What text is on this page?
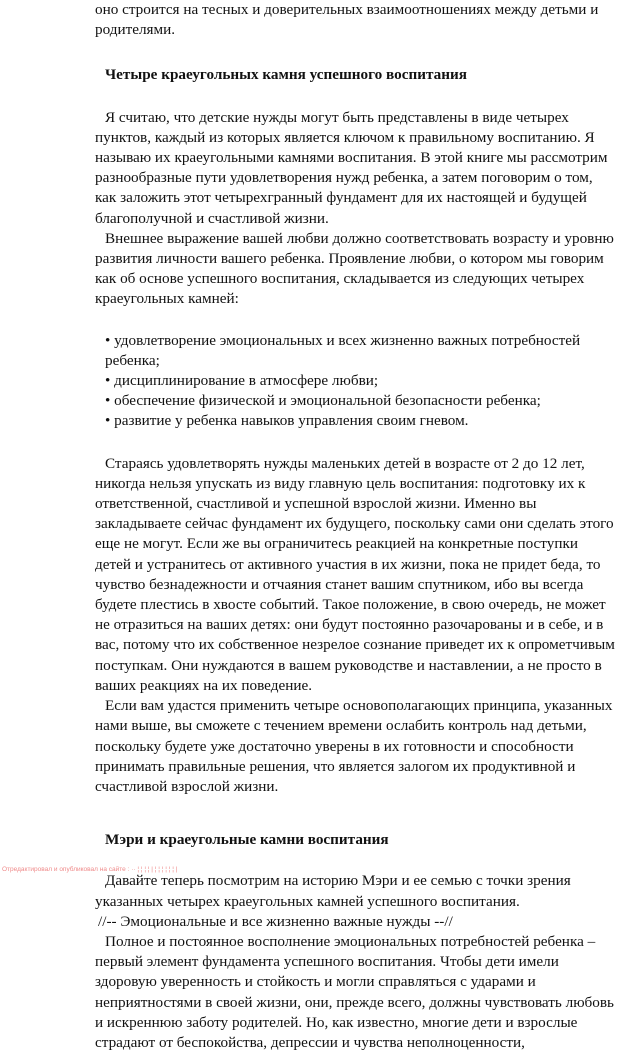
оно строится на тесных и доверительных взаимоотношениях между детьми и родителями.

Четыре краеугольных камня успешного воспитания

Я считаю, что детские нужды могут быть представлены в виде четырех пунктов, каждый из которых является ключом к правильному воспитанию. Я называю их краеугольными камнями воспитания. В этой книге мы рассмотрим разнообразные пути удовлетворения нужд ребенка, а затем поговорим о том, как заложить этот четырехгранный фундамент для их настоящей и будущей благополучной и счастливой жизни.

Внешнее выражение вашей любви должно соответствовать возрасту и уровню развития личности вашего ребенка. Проявление любви, о котором мы говорим как об основе успешного воспитания, складывается из следующих четырех краеугольных камней:

• удовлетворение эмоциональных и всех жизненно важных потребностей ребенка;
• дисциплинирование в атмосфере любви;
• обеспечение физической и эмоциональной безопасности ребенка;
• развитие у ребенка навыков управления своим гневом.

Стараясь удовлетворять нужды маленьких детей в возрасте от 2 до 12 лет, никогда нельзя упускать из виду главную цель воспитания: подготовку их к ответственной, счастливой и успешной взрослой жизни. Именно вы закладываете сейчас фундамент их будущего, поскольку сами они сделать этого еще не могут. Если же вы ограничитесь реакцией на конкретные поступки детей и устранитесь от активного участия в их жизни, пока не придет беда, то чувство безнадежности и отчаяния станет вашим спутником, ибо вы всегда будете плестись в хвосте событий. Такое положение, в свою очередь, не может не отразиться на ваших детях: они будут постоянно разочарованы и в себе, и в вас, потому что их собственное незрелое сознание приведет их к опрометчивым поступкам. Они нуждаются в вашем руководстве и наставлении, а не просто в ваших реакциях на их поведение.

Если вам удастся применить четыре основополагающих принципа, указанных нами выше, вы сможете с течением времени ослабить контроль над детьми, поскольку будете уже достаточно уверены в их готовности и способности принимать правильные решения, что является залогом их продуктивной и счастливой взрослой жизни.

Мэри и краеугольные камни воспитания

Давайте теперь посмотрим на историю Мэри и ее семью с точки зрения указанных четырех краеугольных камней успешного воспитания.

//-- Эмоциональные и все жизненно важные нужды --//

Полное и постоянное восполнение эмоциональных потребностей ребенка – первый элемент фундамента успешного воспитания. Чтобы дети имели здоровую уверенность и стойкость и могли справляться с ударами и неприятностями в своей жизни, они, прежде всего, должны чувствовать любовь и искреннюю заботу родителей. Но, как известно, многие дети и взрослые страдают от беспокойства, депрессии и чувства неполноценности,

Отредактировал и опубликовал на сайте : ·· ¦ ¦ ¦ ¦ | ¦ ¦ ¦ ¦ ¦ ¦ |
